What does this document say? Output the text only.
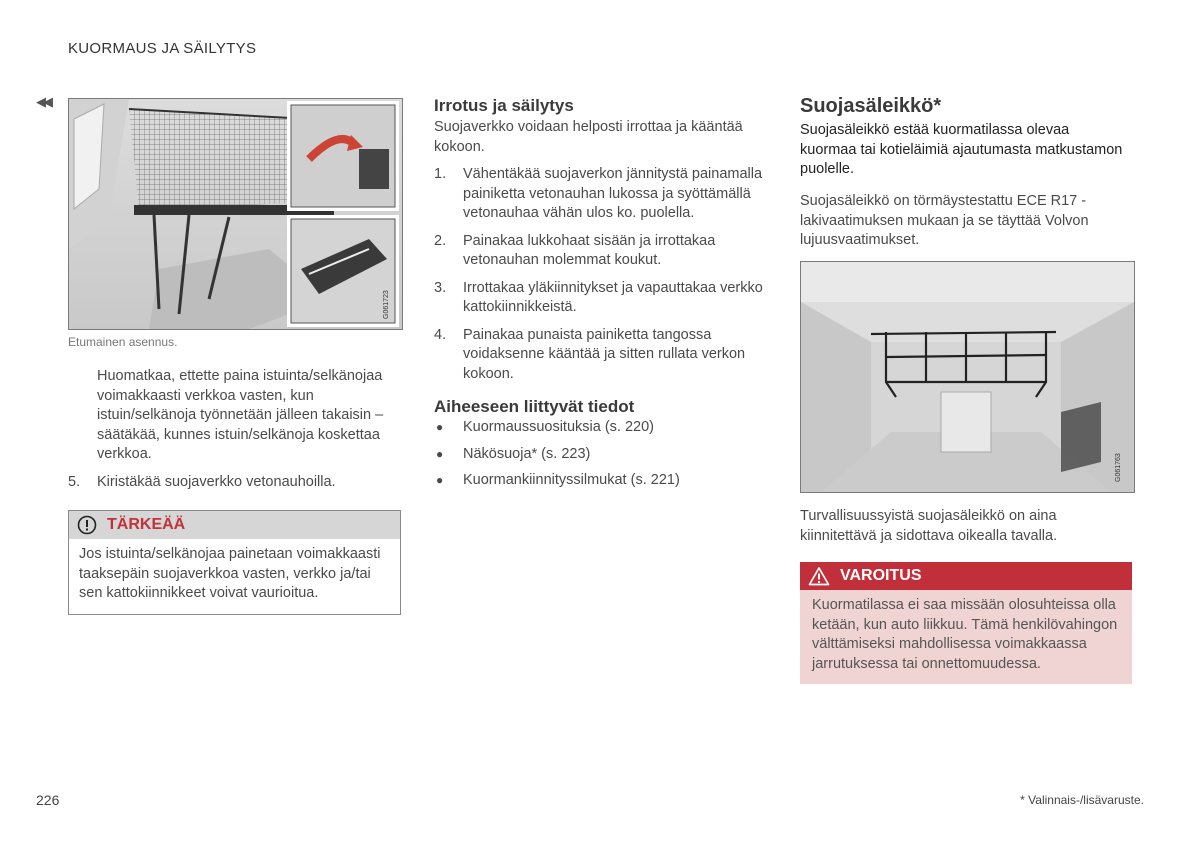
KUORMAUS JA SÄILYTYS
◀◀
G061723
Etumainen asennus.
Huomatkaa, ettette paina istuinta/selkänojaa voimakkaasti verkkoa vasten, kun istuin/selkänoja työnnetään jälleen takaisin – säätäkää, kunnes istuin/selkänoja koskettaa verkkoa.
5. Kiristäkää suojaverkko vetonauhoilla.
TÄRKEÄÄ
Jos istuinta/selkänojaa painetaan voimakkaasti taaksepäin suojaverkkoa vasten, verkko ja/tai sen kattokiinnikkeet voivat vaurioitua.
Irrotus ja säilytys
Suojaverkko voidaan helposti irrottaa ja kääntää kokoon.
1. Vähentäkää suojaverkon jännitystä painamalla painiketta vetonauhan lukossa ja syöttämällä vetonauhaa vähän ulos ko. puolella.
2. Painakaa lukkohaat sisään ja irrottakaa vetonauhan molemmat koukut.
3. Irrottakaa yläkiinnitykset ja vapauttakaa verkko kattokiinnikkeistä.
4. Painakaa punaista painiketta tangossa voidaksenne kääntää ja sitten rullata verkon kokoon.
Aiheeseen liittyvät tiedot
● Kuormaussuosituksia (s. 220)
● Näkösuoja* (s. 223)
● Kuormankiinnityssilmukat (s. 221)
Suojasäleikkö*
Suojasäleikkö estää kuormatilassa olevaa kuormaa tai kotieläimiä ajautumasta matkustamon puolelle.
Suojasäleikkö on törmäystestattu ECE R17 -lakivaatimuksen mukaan ja se täyttää Volvon lujuusvaatimukset.
G061763
Turvallisuussyistä suojasäleikkö on aina kiinnitettävä ja sidottava oikealla tavalla.
VAROITUS
Kuormatilassa ei saa missään olosuhteissa olla ketään, kun auto liikkuu. Tämä henkilövahingon välttämiseksi mahdollisessa voimakkaassa jarrutuksessa tai onnettomuudessa.
226	* Valinnais-/lisävaruste.
